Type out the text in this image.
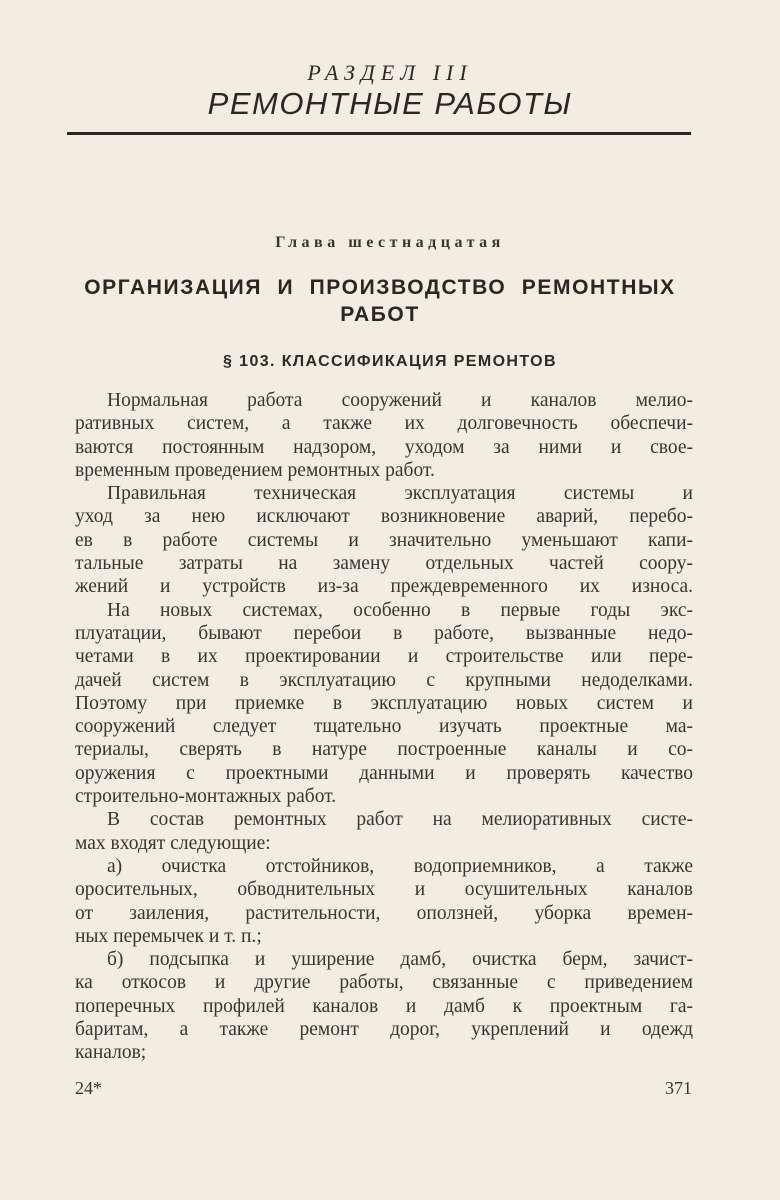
РАЗДЕЛ III
РЕМОНТНЫЕ РАБОТЫ
Глава шестнадцатая
ОРГАНИЗАЦИЯ И ПРОИЗВОДСТВО РЕМОНТНЫХ
РАБОТ
§ 103. КЛАССИФИКАЦИЯ РЕМОНТОВ
Нормальная работа сооружений и каналов мелио-
ративных систем, а также их долговечность обеспечи-
ваются постоянным надзором, уходом за ними и свое-
временным проведением ремонтных работ.
Правильная техническая эксплуатация системы и
уход за нею исключают возникновение аварий, перебо-
ев в работе системы и значительно уменьшают капи-
тальные затраты на замену отдельных частей соору-
жений и устройств из-за преждевременного их износа.
На новых системах, особенно в первые годы экс-
плуатации, бывают перебои в работе, вызванные недо-
четами в их проектировании и строительстве или пере-
дачей систем в эксплуатацию с крупными недоделками.
Поэтому при приемке в эксплуатацию новых систем и
сооружений следует тщательно изучать проектные ма-
териалы, сверять в натуре построенные каналы и со-
оружения с проектными данными и проверять качество
строительно-монтажных работ.
В состав ремонтных работ на мелиоративных систе-
мах входят следующие:
а) очистка отстойников, водоприемников, а также
оросительных, обводнительных и осушительных каналов
от заиления, растительности, оползней, уборка времен-
ных перемычек и т. п.;
б) подсыпка и уширение дамб, очистка берм, зачист-
ка откосов и другие работы, связанные с приведением
поперечных профилей каналов и дамб к проектным га-
баритам, а также ремонт дорог, укреплений и одежд
каналов;
24*	371
